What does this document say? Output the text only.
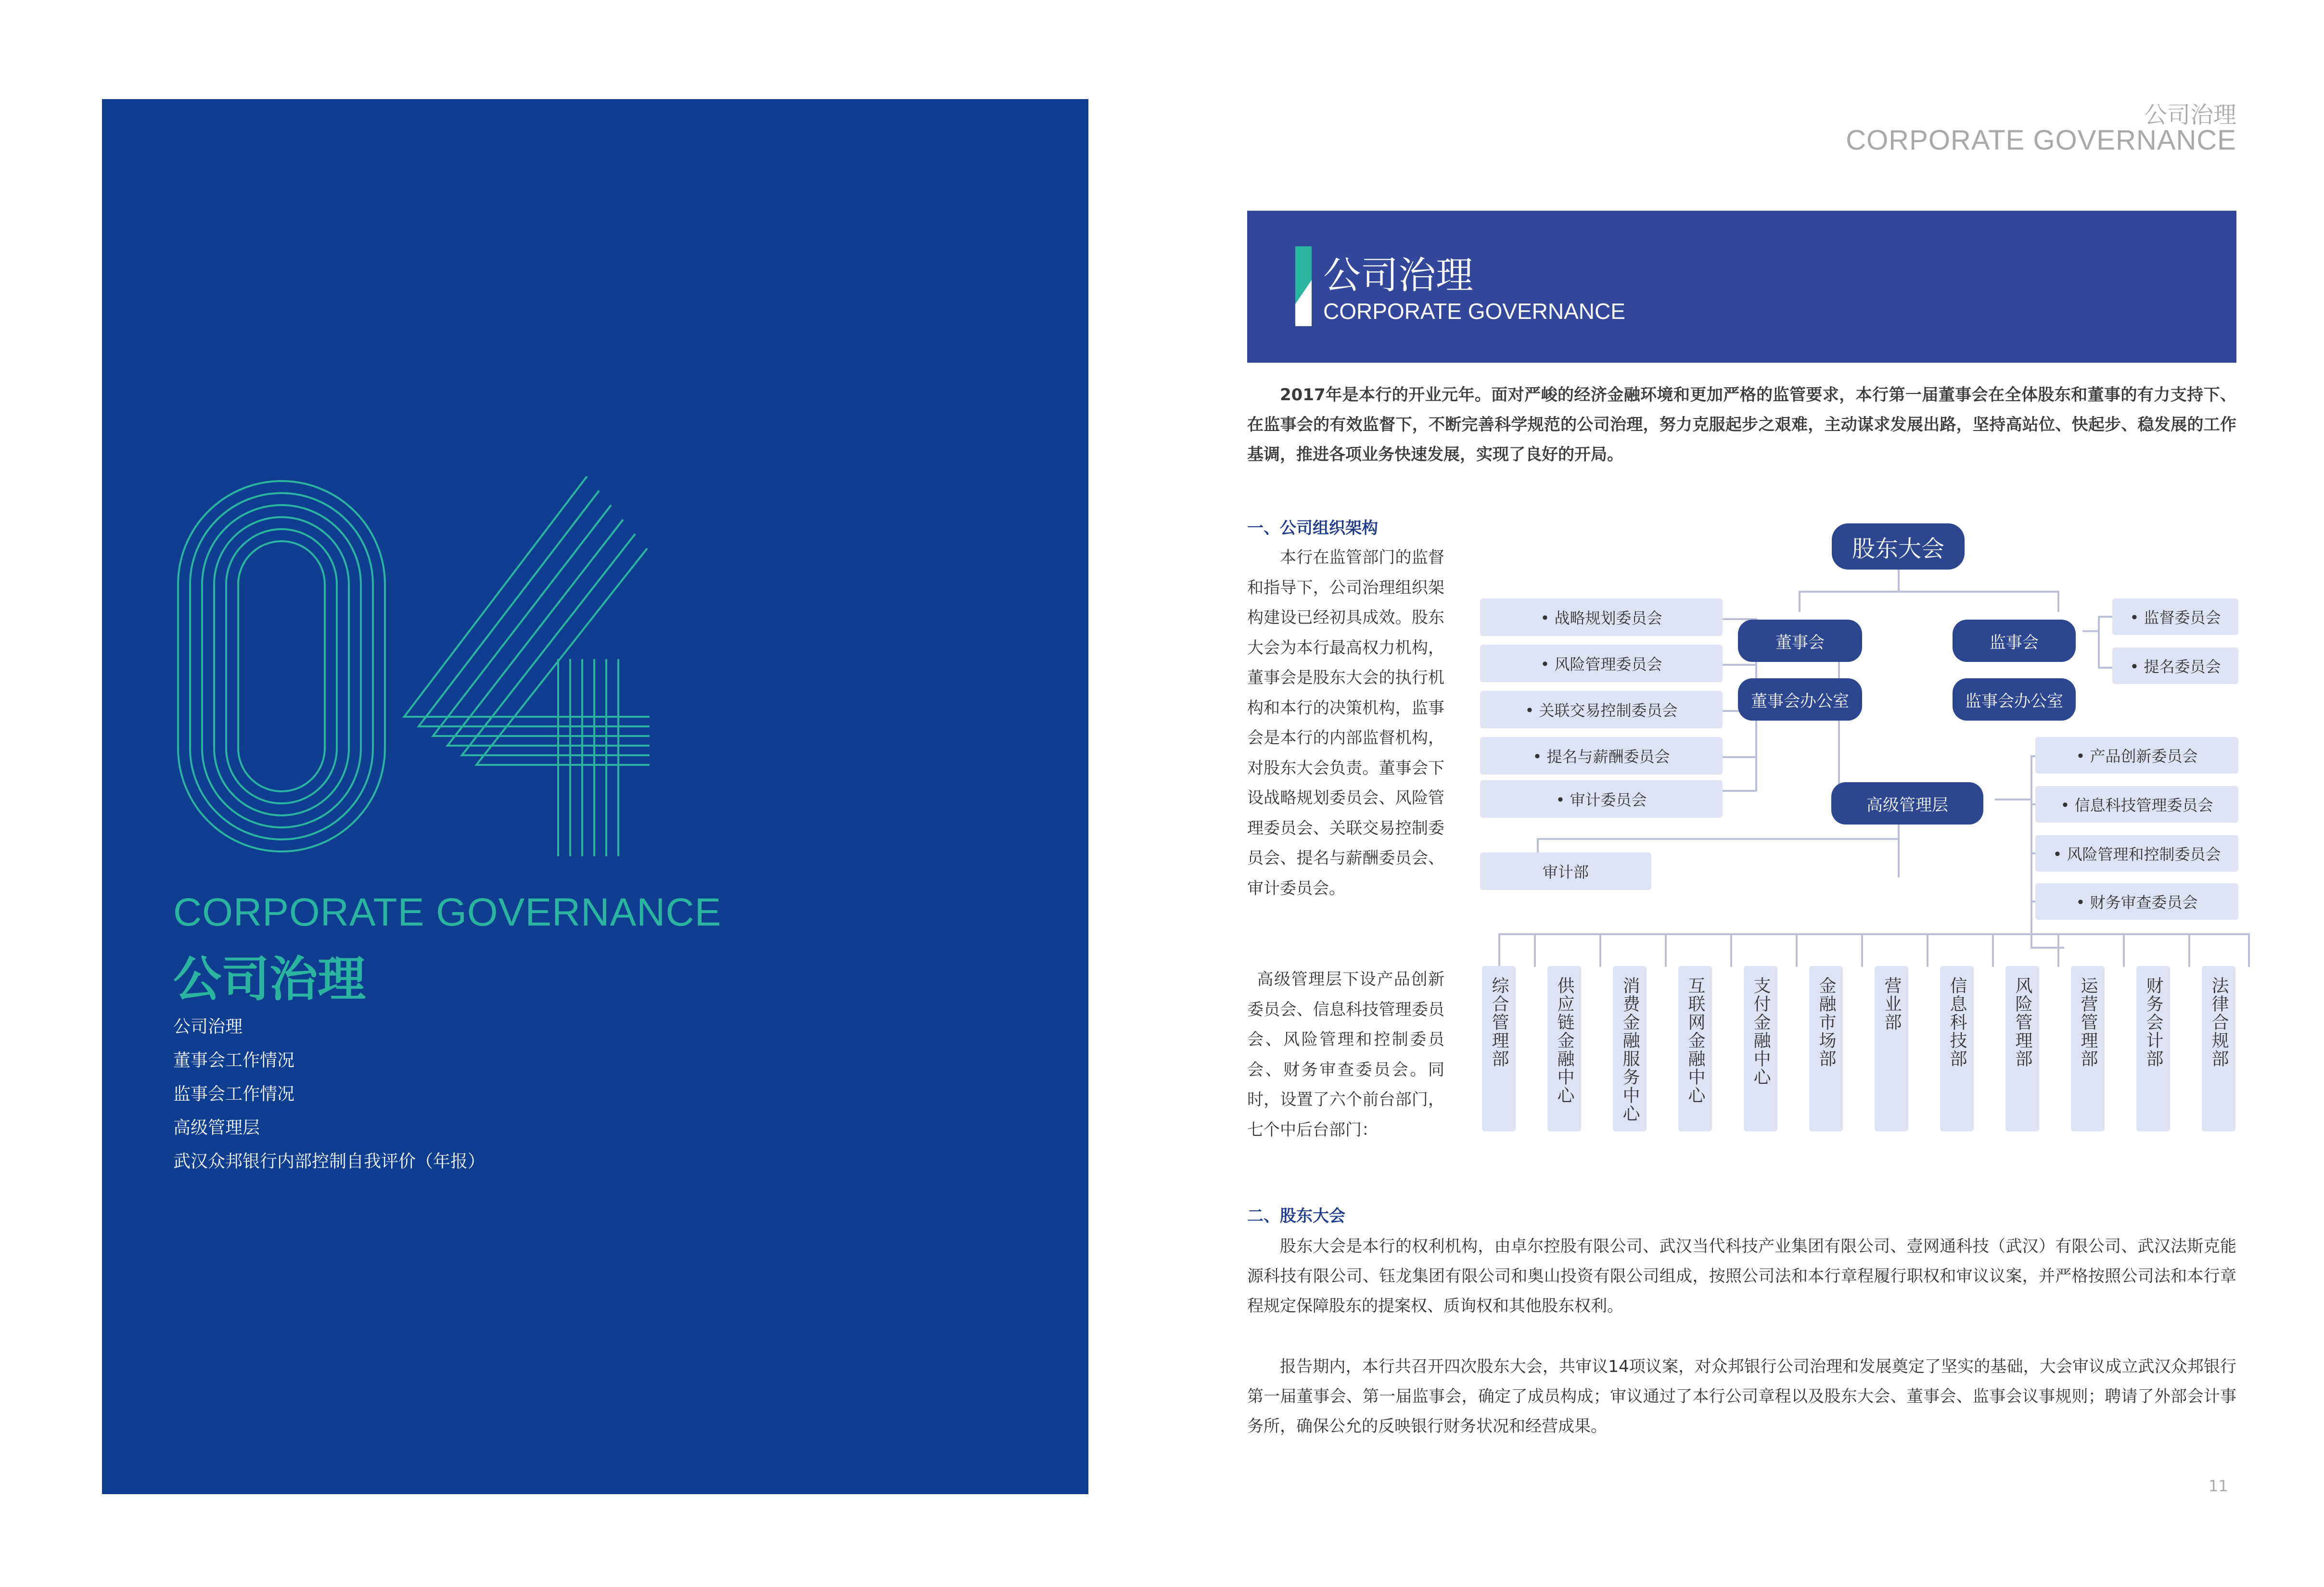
CORPORATE GOVERNANCE
公司治理
公司治理
董事会工作情况
监事会工作情况
高级管理层
武汉众邦银行内部控制自我评价（年报）
公司治理
CORPORATE GOVERNANCE
公司治理
CORPORATE GOVERNANCE
2017年是本行的开业元年。面对严峻的经济金融环境和更加严格的监管要求，本行第一届董事会在全体股东和董事的有力支持下、在监事会的有效监督下，不断完善科学规范的公司治理，努力克服起步之艰难，主动谋求发展出路，坚持高站位、快起步、稳发展的工作基调，推进各项业务快速发展，实现了良好的开局。
一、公司组织架构
本行在监管部门的监督和指导下，公司治理组织架构建设已经初具成效。股东大会为本行最高权力机构，董事会是股东大会的执行机构和本行的决策机构，监事会是本行的内部监督机构，对股东大会负责。董事会下设战略规划委员会、风险管理委员会、关联交易控制委员会、提名与薪酬委员会、审计委员会。
高级管理层下设产品创新委员会、信息科技管理委员会、风险管理和控制委员会、财务审查委员会。同时，设置了六个前台部门，七个中后台部门：
股东大会
董事会
董事会办公室
监事会
监事会办公室
高级管理层
• 战略规划委员会
• 风险管理委员会
• 关联交易控制委员会
• 提名与薪酬委员会
• 审计委员会
审计部
• 监督委员会
• 提名委员会
• 产品创新委员会
• 信息科技管理委员会
• 风险管理和控制委员会
• 财务审查委员会
综合管理部	供应链金融中心	消费金融服务中心	互联网金融中心	支付金融中心	金融市场部	营业部	信息科技部	风险管理部	运营管理部	财务会计部	法律合规部
二、股东大会
股东大会是本行的权利机构，由卓尔控股有限公司、武汉当代科技产业集团有限公司、壹网通科技（武汉）有限公司、武汉法斯克能源科技有限公司、钰龙集团有限公司和奥山投资有限公司组成，按照公司法和本行章程履行职权和审议议案，并严格按照公司法和本行章程规定保障股东的提案权、质询权和其他股东权利。
报告期内，本行共召开四次股东大会，共审议14项议案，对众邦银行公司治理和发展奠定了坚实的基础，大会审议成立武汉众邦银行第一届董事会、第一届监事会，确定了成员构成；审议通过了本行公司章程以及股东大会、董事会、监事会议事规则；聘请了外部会计事务所，确保公允的反映银行财务状况和经营成果。
11
